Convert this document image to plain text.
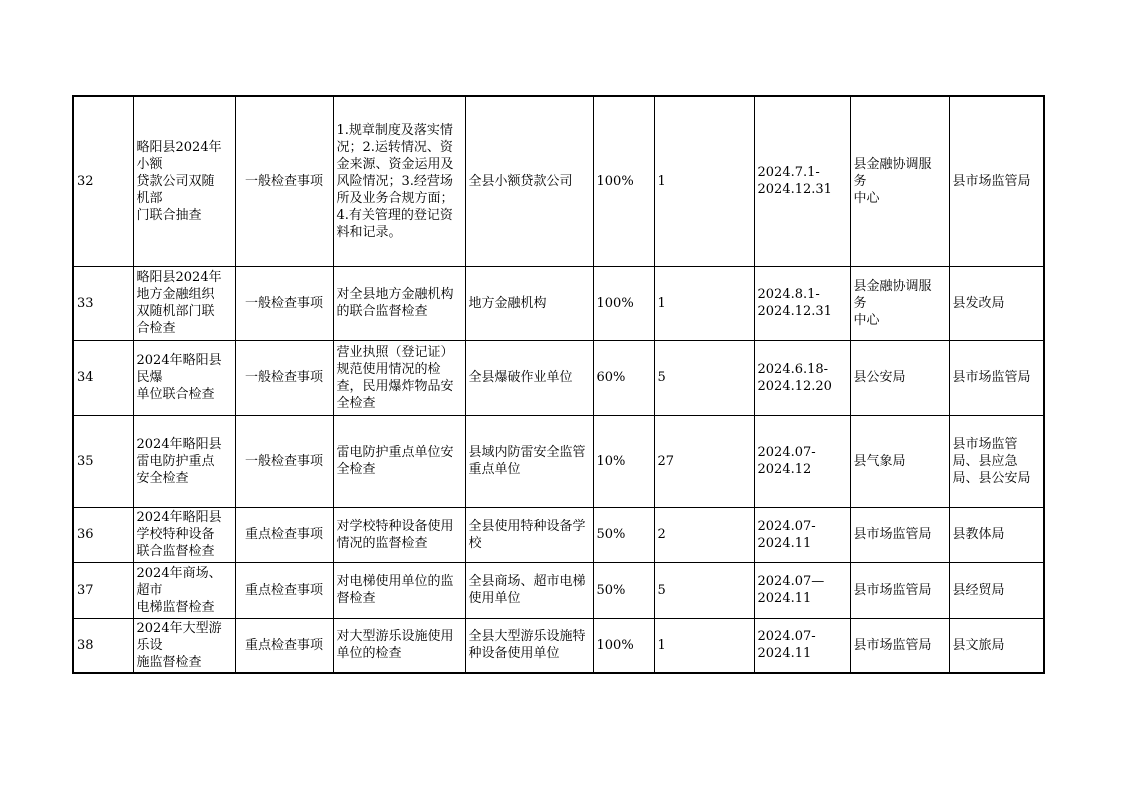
32	略阳县2024年
小额
贷款公司双随
机部
门联合抽查	一般检查事项	1.规章制度及落实情况；2.运转情况、资金来源、资金运用及风险情况；3.经营场所及业务合规方面；4.有关管理的登记资料和记录。	全县小额贷款公司	100%	1	2024.7.1-
2024.12.31	县金融协调服
务
中心	县市场监管局
33	略阳县2024年
地方金融组织
双随机部门联
合检查	一般检查事项	对全县地方金融机构的联合监督检查	地方金融机构	100%	1	2024.8.1-
2024.12.31	县金融协调服
务
中心	县发改局
34	2024年略阳县
民爆
单位联合检查	一般检查事项	营业执照（登记证）规范使用情况的检查，民用爆炸物品安全检查	全县爆破作业单位	60%	5	2024.6.18-
2024.12.20	县公安局	县市场监管局
35	2024年略阳县
雷电防护重点
安全检查	一般检查事项	雷电防护重点单位安全检查	县域内防雷安全监管重点单位	10%	27	2024.07-
2024.12	县气象局	县市场监管局、县应急局、县公安局
36	2024年略阳县
学校特种设备
联合监督检查	重点检查事项	对学校特种设备使用情况的监督检查	全县使用特种设备学校	50%	2	2024.07-
2024.11	县市场监管局	县教体局
37	2024年商场、
超市
电梯监督检查	重点检查事项	对电梯使用单位的监督检查	全县商场、超市电梯使用单位	50%	5	2024.07—
2024.11	县市场监管局	县经贸局
38	2024年大型游
乐设
施监督检查	重点检查事项	对大型游乐设施使用单位的检查	全县大型游乐设施特种设备使用单位	100%	1	2024.07-
2024.11	县市场监管局	县文旅局
